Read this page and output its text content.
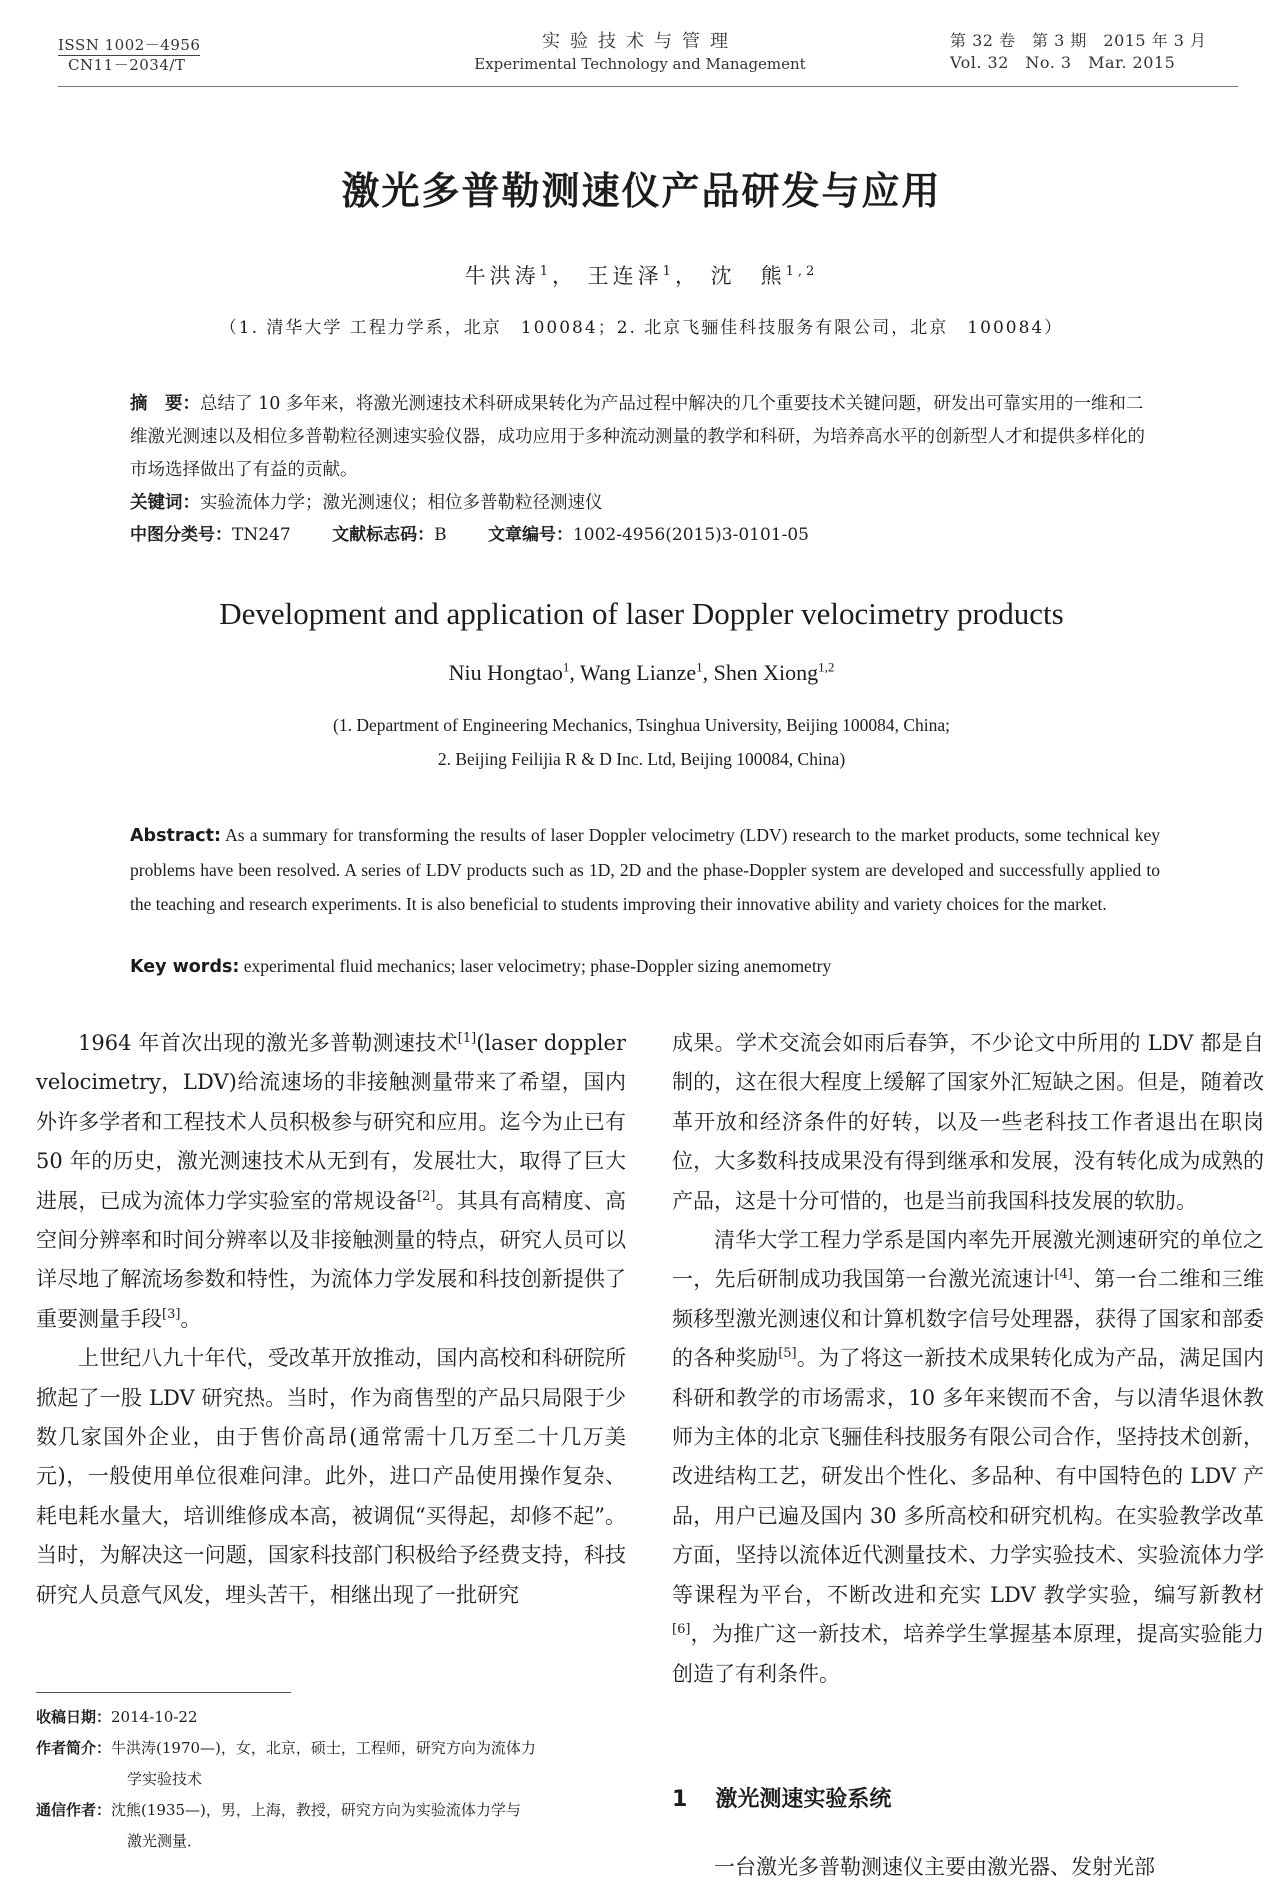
ISSN 1002－4956
CN11－2034/T
实验技术与管理
Experimental Technology and Management
第 32 卷　第 3 期　2015 年 3 月
Vol. 32　No. 3　Mar. 2015
激光多普勒测速仪产品研发与应用
牛洪涛$^1$， 王连泽$^1$， 沈　熊$^{1,2}$
（1. 清华大学 工程力学系，北京　100084；2. 北京飞骊佳科技服务有限公司，北京　100084）
摘　要：总结了 10 多年来，将激光测速技术科研成果转化为产品过程中解决的几个重要技术关键问题，研发出可靠实用的一维和二维激光测速以及相位多普勒粒径测速实验仪器，成功应用于多种流动测量的教学和科研，为培养高水平的创新型人才和提供多样化的市场选择做出了有益的贡献。
关键词：实验流体力学；激光测速仪；相位多普勒粒径测速仪
中图分类号：TN247 文献标志码：B 文章编号：1002-4956(2015)3-0101-05
Development and application of laser Doppler velocimetry products
Niu Hongtao$^1$, Wang Lianze$^1$, Shen Xiong$^{1,2}$
(1. Department of Engineering Mechanics, Tsinghua University, Beijing 100084, China;
2. Beijing Feilijia R & D Inc. Ltd, Beijing 100084, China)
Abstract: As a summary for transforming the results of laser Doppler velocimetry (LDV) research to the market products, some technical key problems have been resolved. A series of LDV products such as 1D, 2D and the phase-Doppler system are developed and successfully applied to the teaching and research experiments. It is also beneficial to students improving their innovative ability and variety choices for the market.
Key words: experimental fluid mechanics; laser velocimetry; phase-Doppler sizing anemometry

1964 年首次出现的激光多普勒测速技术[1](laser doppler velocimetry，LDV)给流速场的非接触测量带来了希望，国内外许多学者和工程技术人员积极参与研究和应用。迄今为止已有 50 年的历史，激光测速技术从无到有，发展壮大，取得了巨大进展，已成为流体力学实验室的常规设备[2]。其具有高精度、高空间分辨率和时间分辨率以及非接触测量的特点，研究人员可以详尽地了解流场参数和特性，为流体力学发展和科技创新提供了重要测量手段[3]。

上世纪八九十年代，受改革开放推动，国内高校和科研院所掀起了一股 LDV 研究热。当时，作为商售型的产品只局限于少数几家国外企业，由于售价高昂(通常需十几万至二十几万美元)，一般使用单位很难问津。此外，进口产品使用操作复杂、耗电耗水量大，培训维修成本高，被调侃“买得起，却修不起”。当时，为解决这一问题，国家科技部门积极给予经费支持，科技研究人员意气风发，埋头苦干，相继出现了一批研究

成果。学术交流会如雨后春笋，不少论文中所用的 LDV 都是自制的，这在很大程度上缓解了国家外汇短缺之困。但是，随着改革开放和经济条件的好转，以及一些老科技工作者退出在职岗位，大多数科技成果没有得到继承和发展，没有转化成为成熟的产品，这是十分可惜的，也是当前我国科技发展的软肋。

清华大学工程力学系是国内率先开展激光测速研究的单位之一，先后研制成功我国第一台激光流速计[4]、第一台二维和三维频移型激光测速仪和计算机数字信号处理器，获得了国家和部委的各种奖励[5]。为了将这一新技术成果转化成为产品，满足国内科研和教学的市场需求，10 多年来锲而不舍，与以清华退休教师为主体的北京飞骊佳科技服务有限公司合作，坚持技术创新，改进结构工艺，研发出个性化、多品种、有中国特色的 LDV 产品，用户已遍及国内 30 多所高校和研究机构。在实验教学改革方面，坚持以流体近代测量技术、力学实验技术、实验流体力学等课程为平台，不断改进和充实 LDV 教学实验，编写新教材[6]，为推广这一新技术，培养学生掌握基本原理，提高实验能力创造了有利条件。

收稿日期：2014-10-22
作者简介：牛洪涛(1970—)，女，北京，硕士，工程师，研究方向为流体力
学实验技术
通信作者：沈熊(1935—)，男，上海，教授，研究方向为实验流体力学与
激光测量．
1 激光测速实验系统
一台激光多普勒测速仪主要由激光器、发射光部
